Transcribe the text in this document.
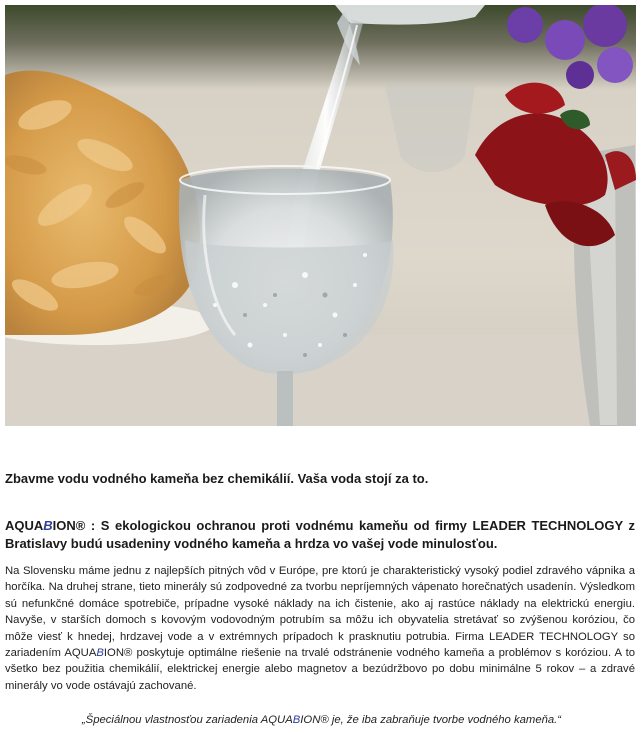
Zbavme vodu vodného kameňa bez chemikálií. Vaša voda stojí za to.

AQUABION® : S ekologickou ochranou proti vodnému kameňu od firmy LEADER TECHNOLOGY z Bratislavy budú usadeniny vodného kameňa a hrdza vo vašej vode minulosťou.

Na Slovensku máme jednu z najlepších pitných vôd v Európe, pre ktorú je charakteristický vysoký podiel zdravého vápnika a horčíka. Na druhej strane, tieto minerály sú zodpovedné za tvorbu nepríjemných vápenato horečnatých usadenín. Výsledkom sú nefunkčné domáce spotrebiče, prípadne vysoké náklady na ich čistenie, ako aj rastúce náklady na elektrickú energiu. Navyše, v starších domoch s kovovým vodovodným potrubím sa môžu ich obyvatelia stretávať so zvýšenou koróziou, čo môže viesť k hnedej, hrdzavej vode a v extrémnych prípadoch k prasknutiu potrubia. Firma LEADER TECHNOLOGY so zariadením AQUABION® poskytuje optimálne riešenie na trvalé odstránenie vodného kameňa a problémov s koróziou. A to všetko bez použitia chemikálií, elektrickej energie alebo magnetov a bezúdržbovo po dobu minimálne 5 rokov – a zdravé minerály vo vode ostávajú zachované.

„Špeciálnou vlastnosťou zariadenia AQUABION® je, že iba zabraňuje tvorbe vodného kameňa.“
